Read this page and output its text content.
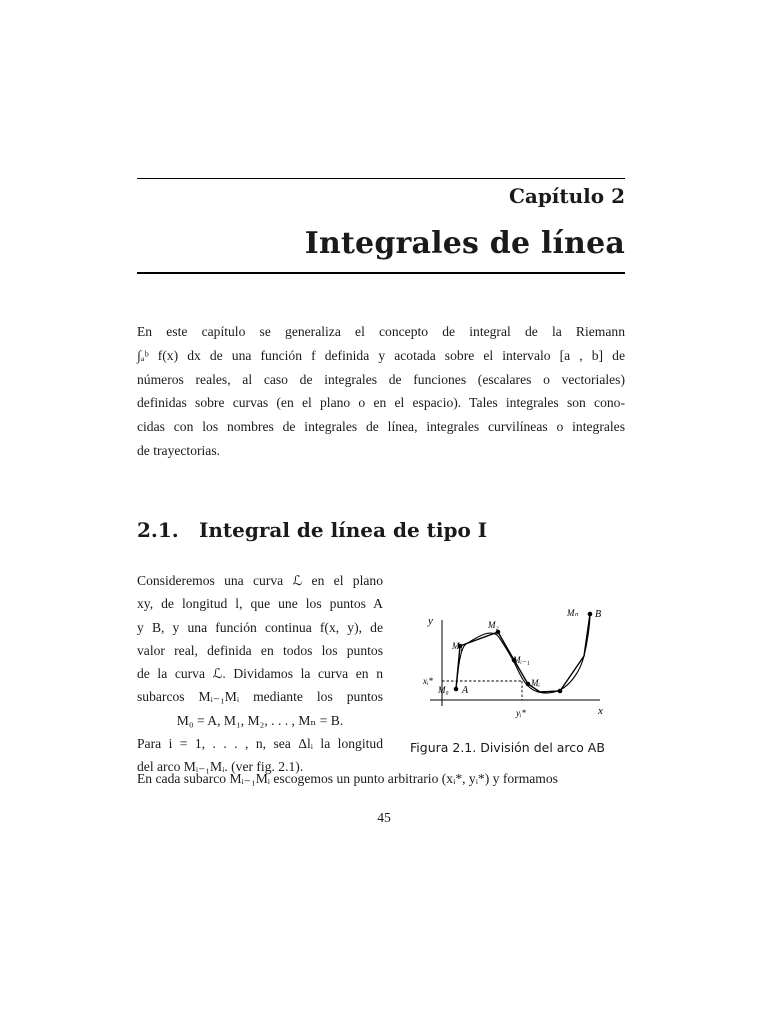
Capítulo 2
Integrales de línea
En este capítulo se generaliza el concepto de integral de la Riemann
∫ₐᵇ f(x) dx de una función f definida y acotada sobre el intervalo [a , b] de
números reales, al caso de integrales de funciones (escalares o vectoriales)
definidas sobre curvas (en el plano o en el espacio). Tales integrales son cono-
cidas con los nombres de integrales de línea, integrales curvilíneas o integrales
de trayectorias.
2.1. Integral de línea de tipo I
Consideremos una curva ℒ en el plano
xy, de longitud l, que une los puntos A
y B, y una función continua f(x, y), de
valor real, definida en todos los puntos
de la curva ℒ. Dividamos la curva en n
subarcos Mᵢ₋₁Mᵢ mediante los puntos
M₀ = A, M₁, M₂, . . . , Mₙ = B.
Para i = 1, . . . , n, sea Δlᵢ la longitud
del arco Mᵢ₋₁Mᵢ. (ver fig. 2.1).
En cada subarco Mᵢ₋₁Mᵢ escogemos un punto arbitrario (xᵢ*, yᵢ*) y formamos
y
x
M₀ A
M₁
M₂
Mᵢ₋₁
Mᵢ
Mₙ B
xᵢ*
yᵢ*
Figura 2.1. División del arco AB
45
